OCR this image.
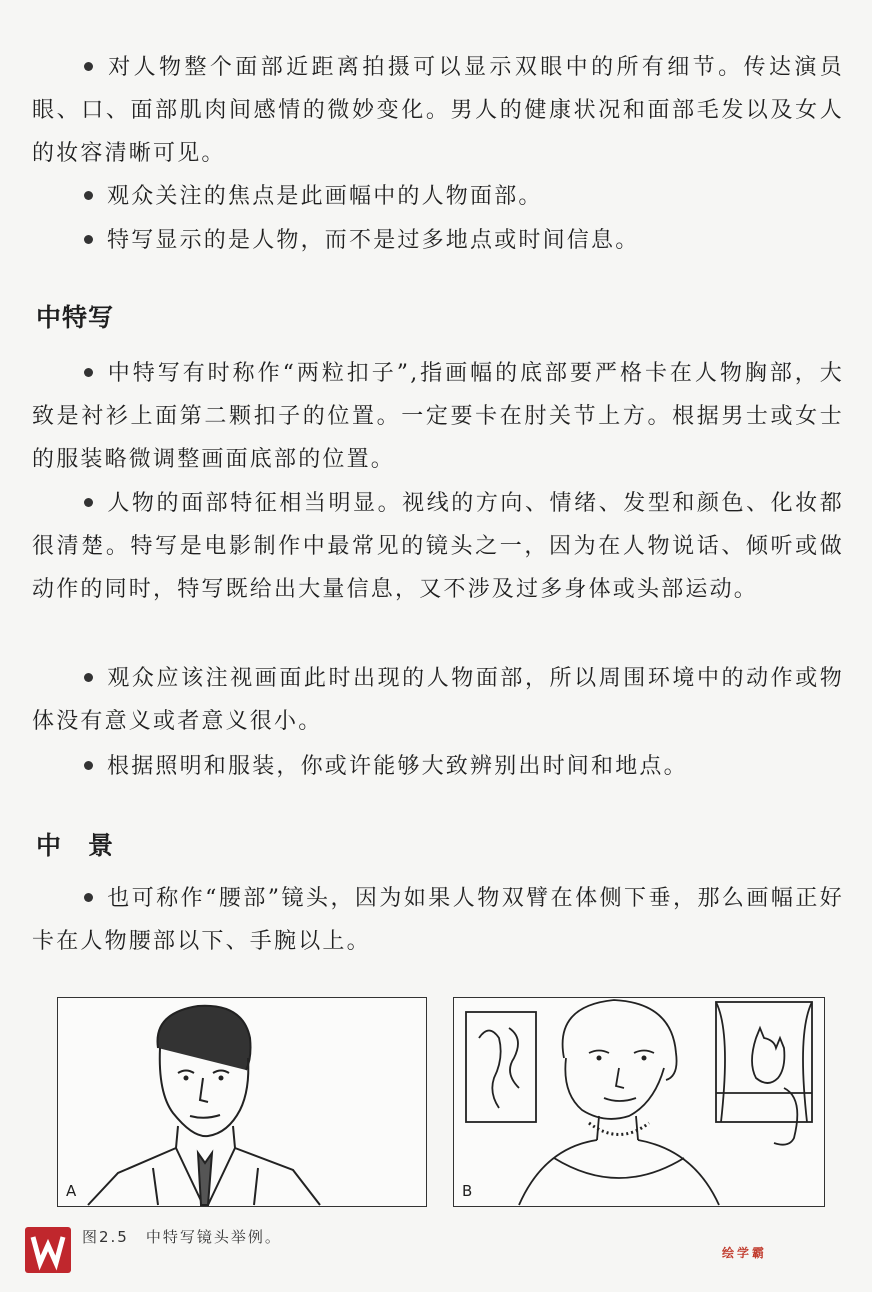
对人物整个面部近距离拍摄可以显示双眼中的所有细节。传达演员眼、口、面部肌肉间感情的微妙变化。男人的健康状况和面部毛发以及女人的妆容清晰可见。

观众关注的焦点是此画幅中的人物面部。

特写显示的是人物，而不是过多地点或时间信息。

中特写

中特写有时称作“两粒扣子”,指画幅的底部要严格卡在人物胸部，大致是衬衫上面第二颗扣子的位置。一定要卡在肘关节上方。根据男士或女士的服装略微调整画面底部的位置。

人物的面部特征相当明显。视线的方向、情绪、发型和颜色、化妆都很清楚。特写是电影制作中最常见的镜头之一，因为在人物说话、倾听或做动作的同时，特写既给出大量信息，又不涉及过多身体或头部运动。

观众应该注视画面此时出现的人物面部，所以周围环境中的动作或物体没有意义或者意义很小。

根据照明和服装，你或许能够大致辨别出时间和地点。

中　景

也可称作“腰部”镜头，因为如果人物双臂在体侧下垂，那么画幅正好卡在人物腰部以下、手腕以上。

A	B
图2.5　中特写镜头举例。
绘学霸
